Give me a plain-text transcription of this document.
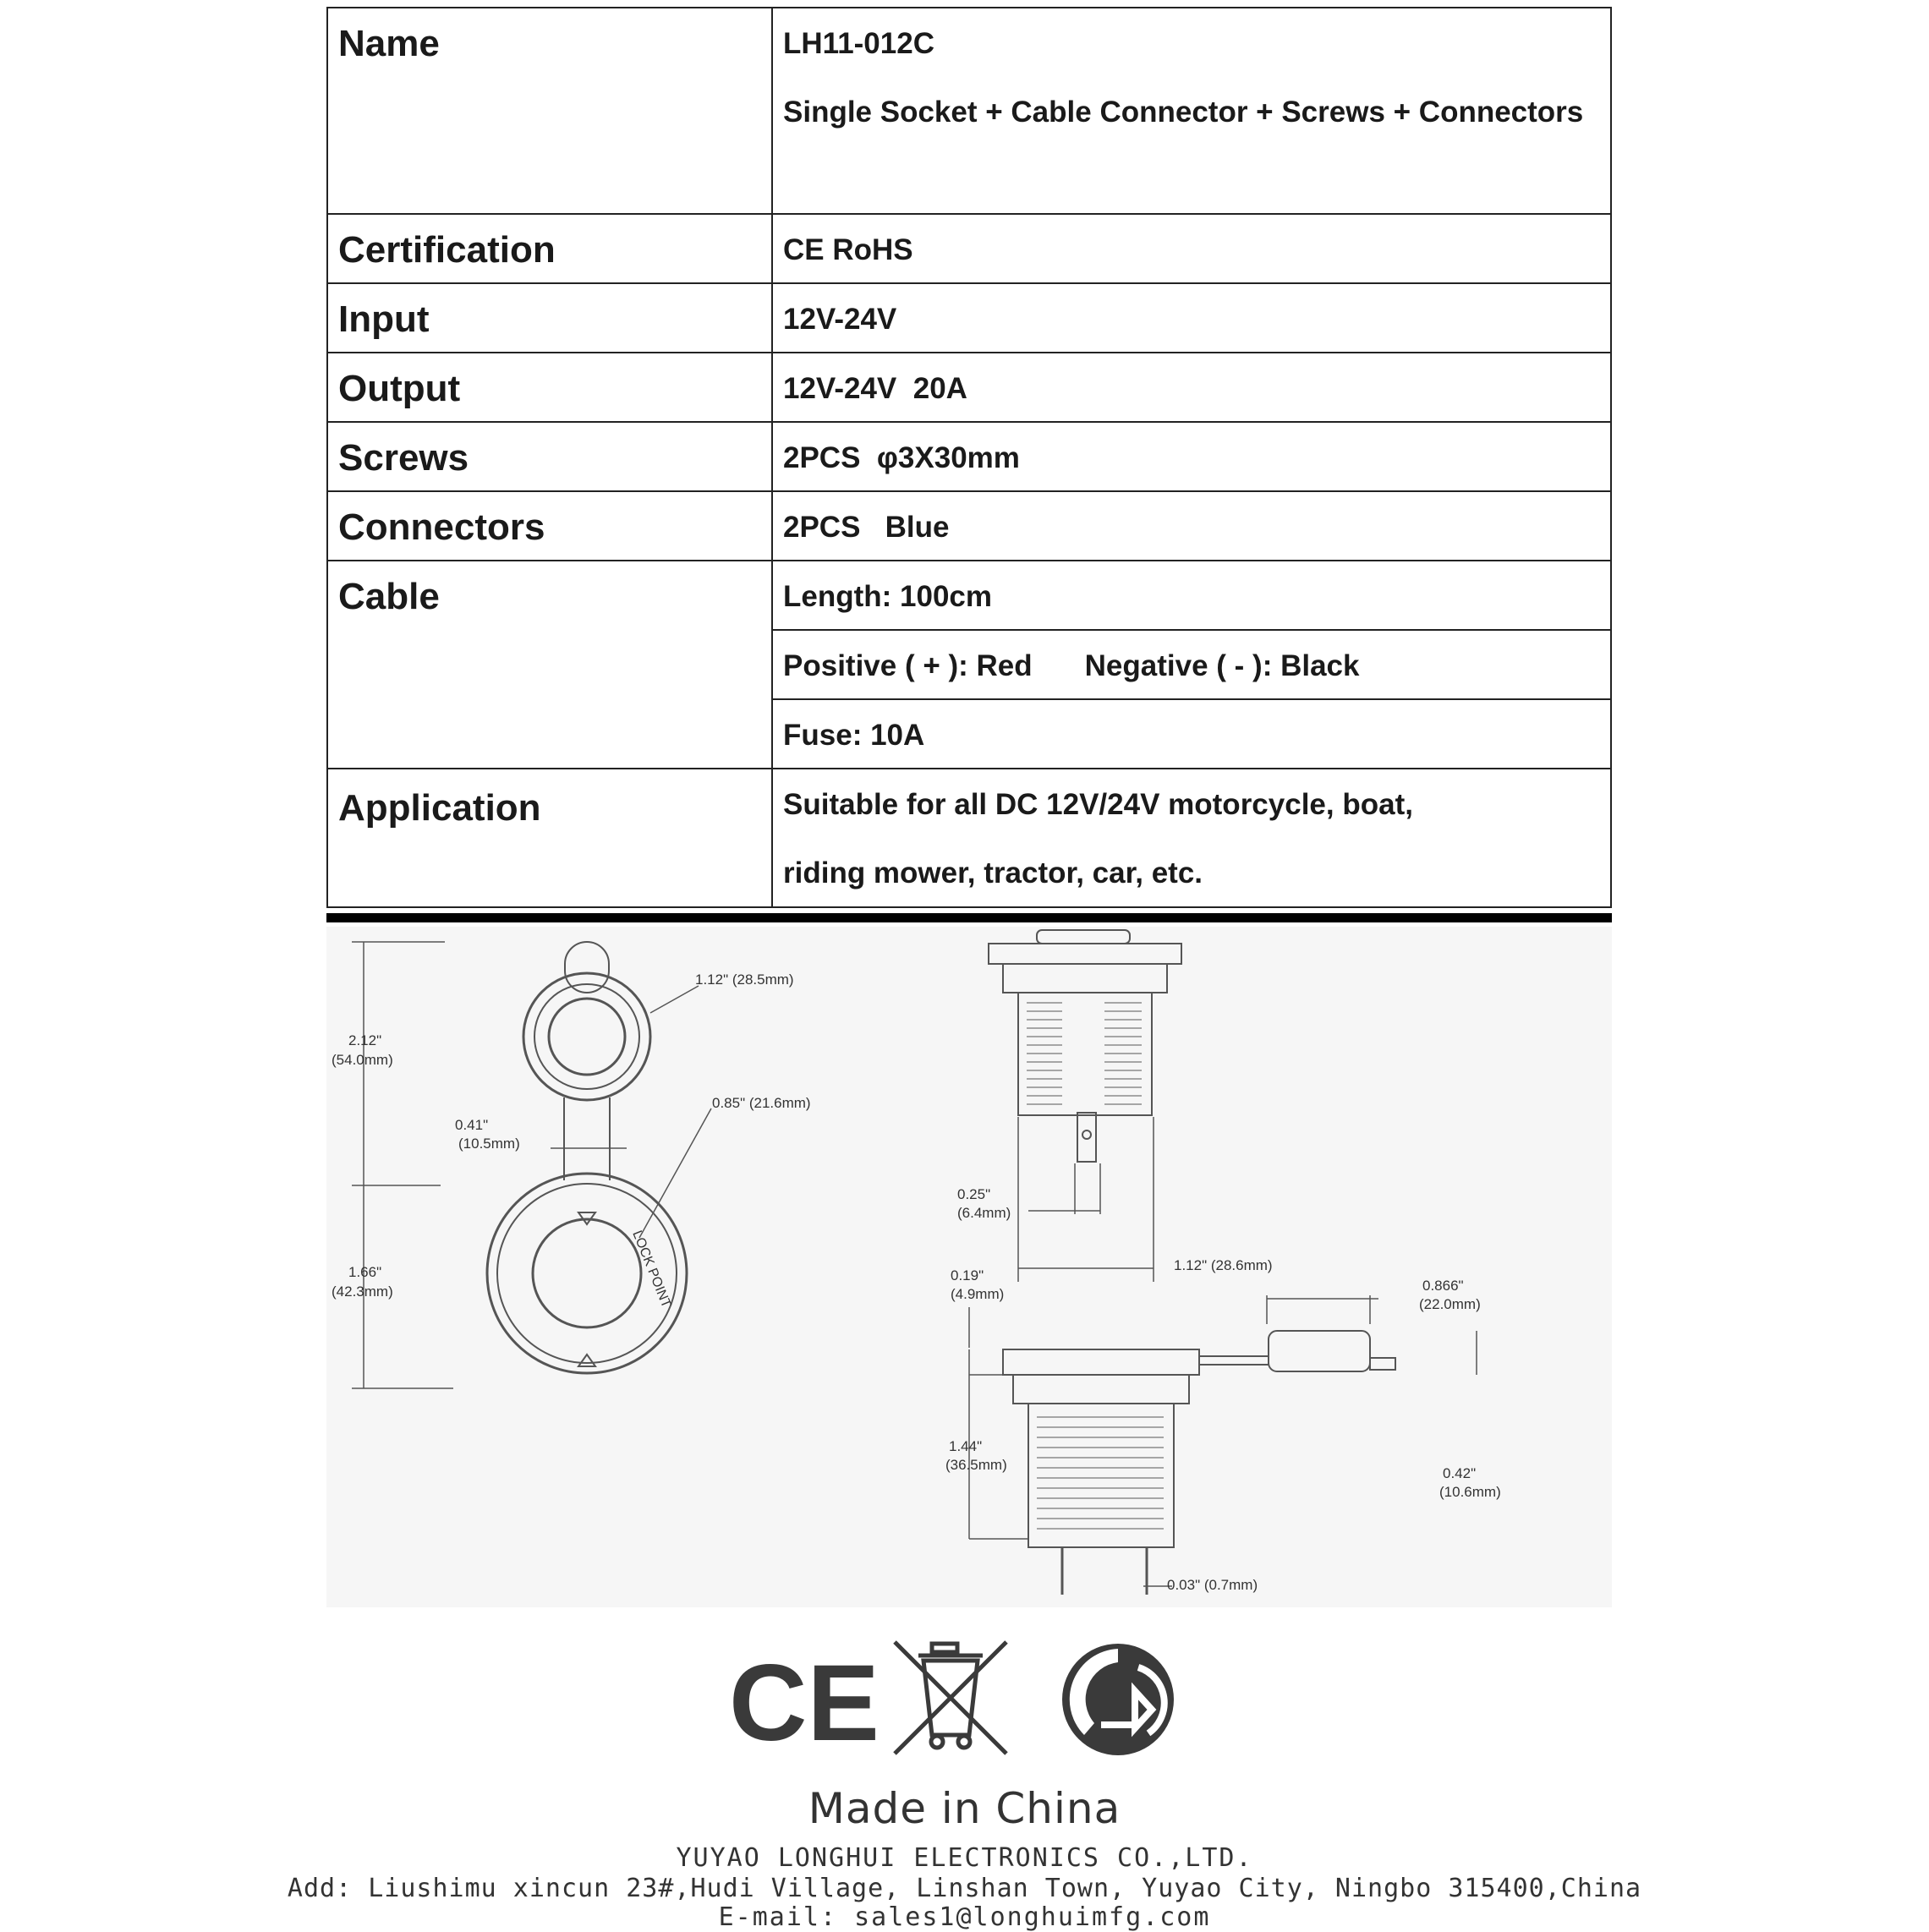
Name	LH11-012C
Single Socket + Cable Connector + Screws + Connectors

Certification	CE RoHS
Input	12V-24V
Output	12V-24V  20A
Screws	2PCS  φ3X30mm
Connectors	2PCS   Blue
Cable	Length: 100cm
	Positive ( + ): Red Negative ( - ): Black
	Fuse: 10A
Application	Suitable for all DC 12V/24V motorcycle, boat,
riding mower, tractor, car, etc.
1.12" (28.5mm)
2.12"
(54.0mm)
0.41"
(10.5mm)
0.85" (21.6mm)
1.66"
(42.3mm)
0.25"
(6.4mm)
1.12" (28.6mm)
0.19"
(4.9mm)
0.866"
(22.0mm)
1.44"
(36.5mm)
0.42"
(10.6mm)
0.03" (0.7mm)
LOCK POINT
CE
Made in China
YUYAO LONGHUI ELECTRONICS CO.,LTD.
Add: Liushimu xincun 23#,Hudi Village, Linshan Town, Yuyao City, Ningbo 315400,China
E-mail: sales1@longhuimfg.com
